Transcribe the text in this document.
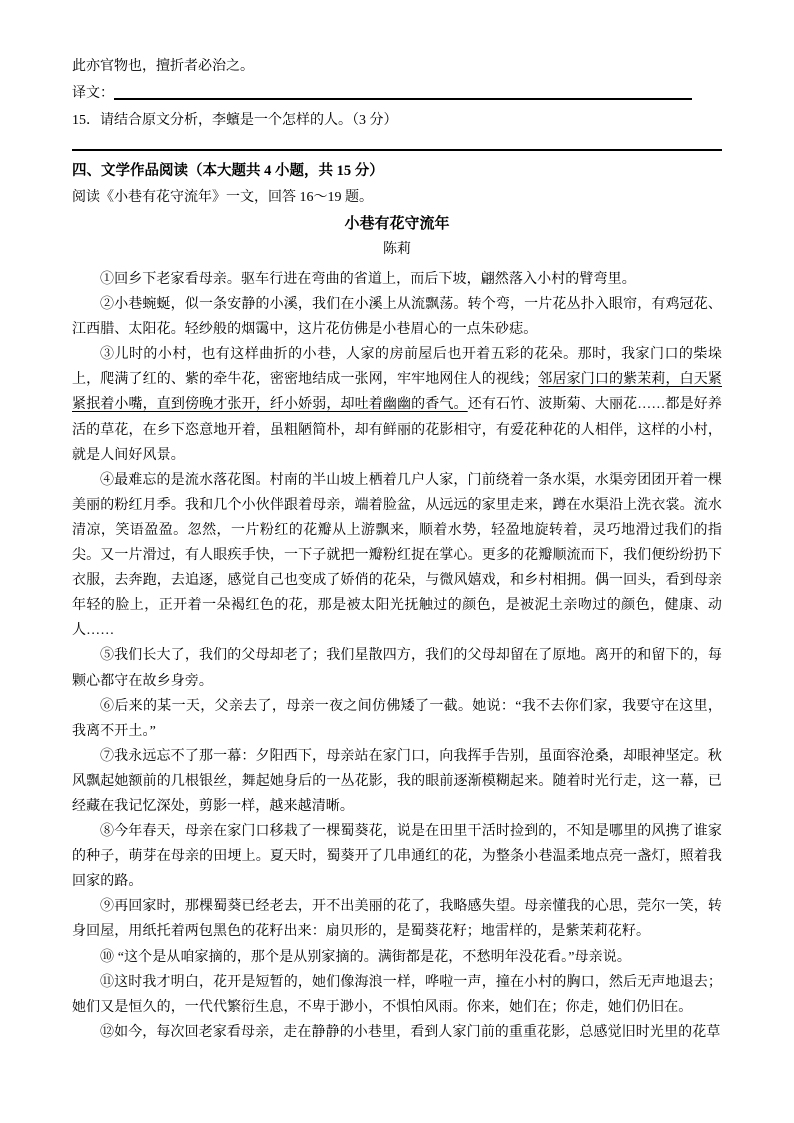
此亦官物也，擅折者必治之。

译文：

15．请结合原文分析，李蠙是一个怎样的人。（3 分）

四、文学作品阅读（本大题共 4 小题，共 15 分）

阅读《小巷有花守流年》一文，回答 16～19 题。

小巷有花守流年

陈莉

①回乡下老家看母亲。驱车行进在弯曲的省道上，而后下坡，翩然落入小村的臂弯里。

②小巷蜿蜒，似一条安静的小溪，我们在小溪上从流飘荡。转个弯，一片花丛扑入眼帘，有鸡冠花、江西腊、太阳花。轻纱般的烟霭中，这片花仿佛是小巷眉心的一点朱砂痣。

③儿时的小村，也有这样曲折的小巷，人家的房前屋后也开着五彩的花朵。那时，我家门口的柴垛上，爬满了红的、紫的牵牛花，密密地结成一张网，牢牢地网住人的视线；邻居家门口的紫茉莉，白天紧紧抿着小嘴，直到傍晚才张开，纤小娇弱，却吐着幽幽的香气。还有石竹、波斯菊、大丽花……都是好养活的草花，在乡下恣意地开着，虽粗陋简朴，却有鲜丽的花影相守，有爱花种花的人相伴，这样的小村，就是人间好风景。

④最难忘的是流水落花图。村南的半山坡上栖着几户人家，门前绕着一条水渠，水渠旁团团开着一棵美丽的粉红月季。我和几个小伙伴跟着母亲，端着脸盆，从远远的家里走来，蹲在水渠沿上洗衣裳。流水清凉，笑语盈盈。忽然，一片粉红的花瓣从上游飘来，顺着水势，轻盈地旋转着，灵巧地滑过我们的指尖。又一片滑过，有人眼疾手快，一下子就把一瓣粉红捉在掌心。更多的花瓣顺流而下，我们便纷纷扔下衣服，去奔跑，去追逐，感觉自己也变成了娇俏的花朵，与微风嬉戏，和乡村相拥。偶一回头，看到母亲年轻的脸上，正开着一朵褐红色的花，那是被太阳光抚触过的颜色，是被泥土亲吻过的颜色，健康、动人……

⑤我们长大了，我们的父母却老了；我们星散四方，我们的父母却留在了原地。离开的和留下的，每颗心都守在故乡身旁。

⑥后来的某一天，父亲去了，母亲一夜之间仿佛矮了一截。她说：“我不去你们家，我要守在这里，我离不开土。”

⑦我永远忘不了那一幕：夕阳西下，母亲站在家门口，向我挥手告别，虽面容沧桑，却眼神坚定。秋风飘起她额前的几根银丝，舞起她身后的一丛花影，我的眼前逐渐模糊起来。随着时光行走，这一幕，已经藏在我记忆深处，剪影一样，越来越清晰。

⑧今年春天，母亲在家门口移栽了一棵蜀葵花，说是在田里干活时捡到的，不知是哪里的风携了谁家的种子，萌芽在母亲的田埂上。夏天时，蜀葵开了几串通红的花，为整条小巷温柔地点亮一盏灯，照着我回家的路。

⑨再回家时，那棵蜀葵已经老去，开不出美丽的花了，我略感失望。母亲懂我的心思，莞尔一笑，转身回屋，用纸托着两包黑色的花籽出来：扇贝形的，是蜀葵花籽；地雷样的，是紫茉莉花籽。

⑩ “这个是从咱家摘的，那个是从别家摘的。满街都是花，不愁明年没花看。”母亲说。

⑪这时我才明白，花开是短暂的，她们像海浪一样，哗啦一声，撞在小村的胸口，然后无声地退去；她们又是恒久的，一代代繁衍生息，不卑于渺小，不惧怕风雨。你来，她们在；你走，她们仍旧在。

⑫如今，每次回老家看母亲，走在静静的小巷里，看到人家门前的重重花影，总感觉旧时光里的花草
